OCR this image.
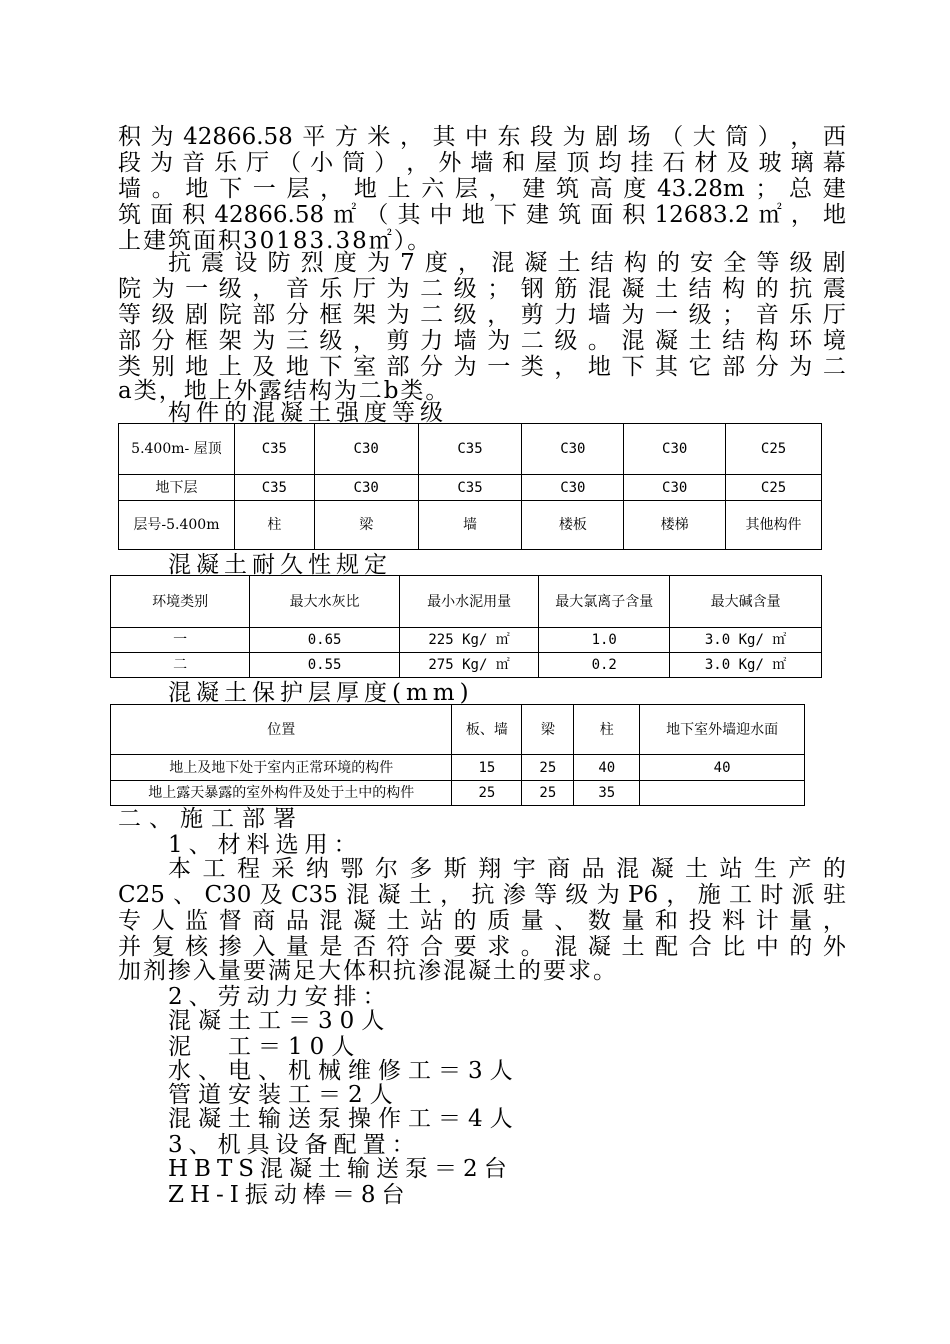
积 为 42866.58 平 方 米 ， 其 中 东 段 为 剧 场 （ 大 筒 ） ， 西
段 为 音 乐 厅 （ 小 筒 ） ， 外 墙 和 屋 顶 均 挂 石 材 及 玻 璃 幕
墙 。 地 下 一 层 ， 地 上 六 层 ， 建 筑 高 度 43.28m ； 总 建
筑 面 积 42866.58 ㎡ （ 其 中 地 下 建 筑 面 积 12683.2 ㎡ ， 地
上建筑面积30183.38㎡）。
抗 震 设 防 烈 度 为 7 度 ， 混 凝 土 结 构 的 安 全 等 级 剧
院 为 一 级 ， 音 乐 厅 为 二 级 ； 钢 筋 混 凝 土 结 构 的 抗 震
等 级 剧 院 部 分 框 架 为 二 级 ， 剪 力 墙 为 一 级 ； 音 乐 厅
部 分 框 架 为 三 级 ， 剪 力 墙 为 二 级 。 混 凝 土 结 构 环 境
类 别 地 上 及 地 下 室 部 分 为 一 类 ， 地 下 其 它 部 分 为 二
a类，地上外露结构为二b类。
构件的混凝土强度等级
5.400m- 屋顶	C35	C30	C35	C30	C30	C25
地下层	C35	C30	C35	C30	C30	C25
层号-5.400m	柱	梁	墙	楼板	楼梯	其他构件
混凝土耐久性规定
环境类别	最大水灰比	最小水泥用量	最大氯离子含量	最大碱含量
一	0.65	225 Kg/ ㎡	1.0	3.0 Kg/ ㎡
二	0.55	275 Kg/ ㎡	0.2	3.0 Kg/ ㎡
混凝土保护层厚度(mm)
位置	板、墙	梁	柱	地下室外墙迎水面
地上及地下处于室内正常环境的构件	15	25	40	40
地上露天暴露的室外构件及处于土中的构件	25	25	35	
二、施工部署
1、材料选用：
本 工 程 采 纳 鄂 尔 多 斯 翔 宇 商 品 混 凝 土 站 生 产 的
C25 、 C30 及 C35 混 凝 土 ， 抗 渗 等 级 为 P6 ， 施 工 时 派 驻
专 人 监 督 商 品 混 凝 土 站 的 质 量 、 数 量 和 投 料 计 量 ，
并 复 核 掺 入 量 是 否 符 合 要 求 。 混 凝 土 配 合 比 中 的 外
加剂掺入量要满足大体积抗渗混凝土的要求。
2、劳动力安排：
混凝土工＝30人
泥　工＝10人
水、电、机械维修工＝3人
管道安装工＝2人
混凝土输送泵操作工＝4人
3、机具设备配置：
HBTS混凝土输送泵＝2台
ZH-I振动棒＝8台
